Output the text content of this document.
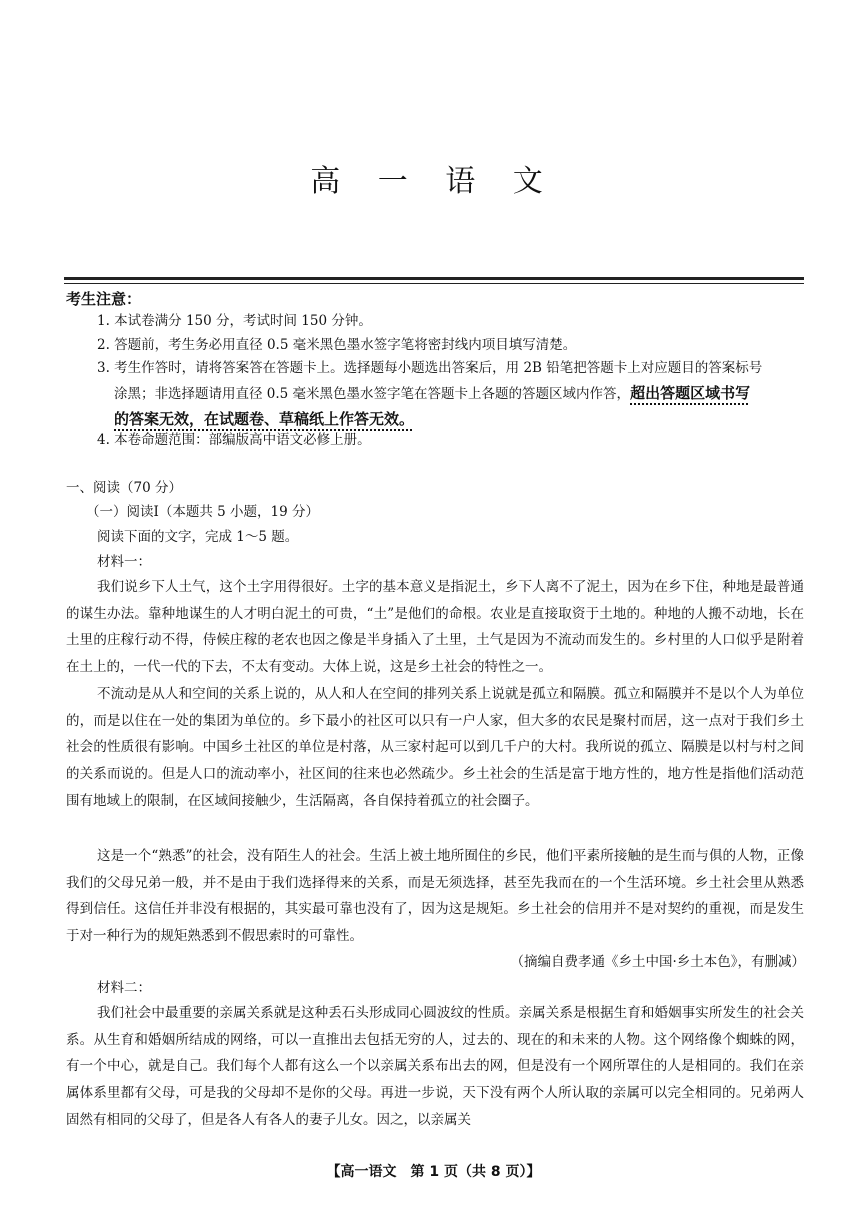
高 一 语 文
考生注意：
1. 本试卷满分 150 分，考试时间 150 分钟。
2. 答题前，考生务必用直径 0.5 毫米黑色墨水签字笔将密封线内项目填写清楚。
3. 考生作答时，请将答案答在答题卡上。选择题每小题选出答案后，用 2B 铅笔把答题卡上对应题目的答案标号
涂黑；非选择题请用直径 0.5 毫米黑色墨水签字笔在答题卡上各题的答题区域内作答，超出答题区域书写
的答案无效，在试题卷、草稿纸上作答无效。
4. 本卷命题范围：部编版高中语文必修上册。
一、阅读（70 分）
（一）阅读Ⅰ（本题共 5 小题，19 分）
阅读下面的文字，完成 1～5 题。
材料一：
我们说乡下人土气，这个土字用得很好。土字的基本意义是指泥土，乡下人离不了泥土，因为在乡下住，种地是最普通的谋生办法。靠种地谋生的人才明白泥土的可贵，“土”是他们的命根。农业是直接取资于土地的。种地的人搬不动地，长在土里的庄稼行动不得，侍候庄稼的老农也因之像是半身插入了土里，土气是因为不流动而发生的。乡村里的人口似乎是附着在土上的，一代一代的下去，不太有变动。大体上说，这是乡土社会的特性之一。
不流动是从人和空间的关系上说的，从人和人在空间的排列关系上说就是孤立和隔膜。孤立和隔膜并不是以个人为单位的，而是以住在一处的集团为单位的。乡下最小的社区可以只有一户人家，但大多的农民是聚村而居，这一点对于我们乡土社会的性质很有影响。中国乡土社区的单位是村落，从三家村起可以到几千户的大村。我所说的孤立、隔膜是以村与村之间的关系而说的。但是人口的流动率小，社区间的往来也必然疏少。乡土社会的生活是富于地方性的，地方性是指他们活动范围有地域上的限制，在区域间接触少，生活隔离，各自保持着孤立的社会圈子。
这是一个“熟悉”的社会，没有陌生人的社会。生活上被土地所囿住的乡民，他们平素所接触的是生而与俱的人物，正像我们的父母兄弟一般，并不是由于我们选择得来的关系，而是无须选择，甚至先我而在的一个生活环境。乡土社会里从熟悉得到信任。这信任并非没有根据的，其实最可靠也没有了，因为这是规矩。乡土社会的信用并不是对契约的重视，而是发生于对一种行为的规矩熟悉到不假思索时的可靠性。
（摘编自费孝通《乡土中国·乡土本色》，有删减）
材料二：
我们社会中最重要的亲属关系就是这种丢石头形成同心圆波纹的性质。亲属关系是根据生育和婚姻事实所发生的社会关系。从生育和婚姻所结成的网络，可以一直推出去包括无穷的人，过去的、现在的和未来的人物。这个网络像个蜘蛛的网，有一个中心，就是自己。我们每个人都有这么一个以亲属关系布出去的网，但是没有一个网所罩住的人是相同的。我们在亲属体系里都有父母，可是我的父母却不是你的父母。再进一步说，天下没有两个人所认取的亲属可以完全相同的。兄弟两人固然有相同的父母了，但是各人有各人的妻子儿女。因之，以亲属关
【高一语文　第 1 页（共 8 页）】
